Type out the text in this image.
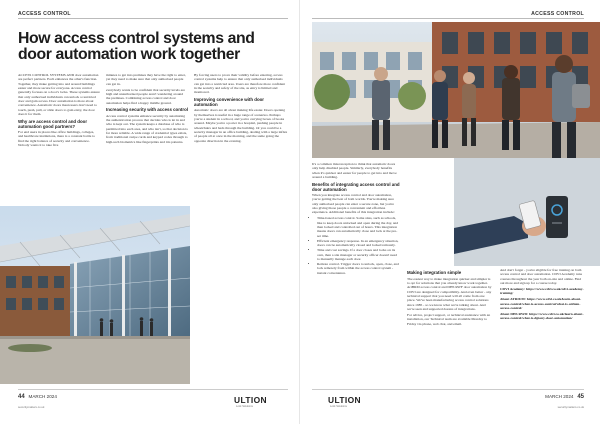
ACCESS CONTROL
How access control systems and door automation work together

ACCESS CONTROL SYSTEMS AND door automation are perfect partners. Each enhances the other's function. Together, they make getting into and around buildings easier and more secure for everyone. Access control generally focuses on a door's locks. These systems ensure that only authorised individuals can unlock a restricted door and gain access. Door automation is more about convenience. Automatic doors mean users don't need to touch, push, pull, or slide doors to gain entry, the door does it for them.

Why are access control and door automation good partners?

For end users in places like office buildings, colleges, and healthcare institutions, there is a constant battle to find the right balance of security and convenience. Nobody wants it to take five

minutes to get into premises they have the right to enter, yet they need to make sure that only authorised people can get in.

everybody wants to be confident that security levels are high and unauthorised people aren't wandering around the premises. Combining access control and door automation helps find a happy middle ground.

Increasing security with access control

Access control systems enhance security by automating the authentication process that decides who is let in and who is kept out. The system keeps a database of who is permitted into each area, and who isn't, so that decision is far more reliable. A wide range of credential types exists, from traditional swipe cards and keypad codes through to high-tech biometrics like fingerprints and iris patterns.

By forcing users to prove their validity before entering, access control systems help to ensure that only authorised individuals can get into a restricted area. Users are therefore more confident in the security and safety of the site, as entry is limited and monitored.

Improving convenience with door automation

Automatic doors are all about making life easier. Doors opening by themselves is useful in a huge range of scenarios. Perhaps you're a student in a school, and you're carrying boxes of books around. Maybe you're a porter in a hospital, pushing people in wheelchairs and beds through the building. Or you could be a security manager in an office building, dealing with a large influx of people all at once in the morning, and the same going the opposite direction in the evening.

44 MARCH 2024
securitymatters.co.uk
ULTION
Lock Solutions
ACCESS CONTROL

It's a common misconception to think that automatic doors only help disabled people. Similarly, everybody benefits when it's quicker and easier for people to get into and move around a building.

Benefits of integrating access control and door automation

When you integrate access control and door automation, you're getting the best of both worlds. You're making sure only authorised people can enter a secure zone, but you're also giving those people a convenient and effortless experience. Additional benefits of this integration include:

• Time-based access control. Some sites, such as schools, like to keep doors unlocked and open during the day, and then locked and controlled out of hours. This integration means doors can automatically close and lock at the pre-set time.
• Efficient emergency response. In an emergency situation, doors can be automatically closed and locked remotely.
• Time and cost savings. If a door closes and locks on its own, then a site manager or security officer doesn't need to manually manage each door.
• Remote control. Trigger doors to unlock, open, close, and lock remotely from within the access control system - instant convenience.	Making integration simple

The easiest way to make integration quicker and simpler is to opt for solutions that you already know work together. ArtBRM access control and DHS RWF door automation by CDVI are designed for compatibility. And even better - any technical support that you need will all come from one place. We've been manufacturing access control solutions since 1985 - so we know what we're talking about. And we're seen and supported dozens of integrations.

For advice, project support, or technical assistance with an installation, our Technical team are available Monday to Friday via phone, web chat, and email.

And don't forget - you're eligible for free training on both access control and door automation. CDVI Academy runs courses throughout the year both on-site and online. Find out more and sign up for a course today.

CDVI Academy: https://www.cdvi.co.uk/cdvi-academy-training/

About ATRIUM: https://www.cdvi.co.uk/learn-about-access-control/what-is-access-control/what-is-atrium-access-control/

About DHS RWD: https://www.cdvi.co.uk/learn-about-access-control/what-is-dgtony-door-automation/

ULTION
Lock Solutions
MARCH 2024 45
securitymatters.co.uk
